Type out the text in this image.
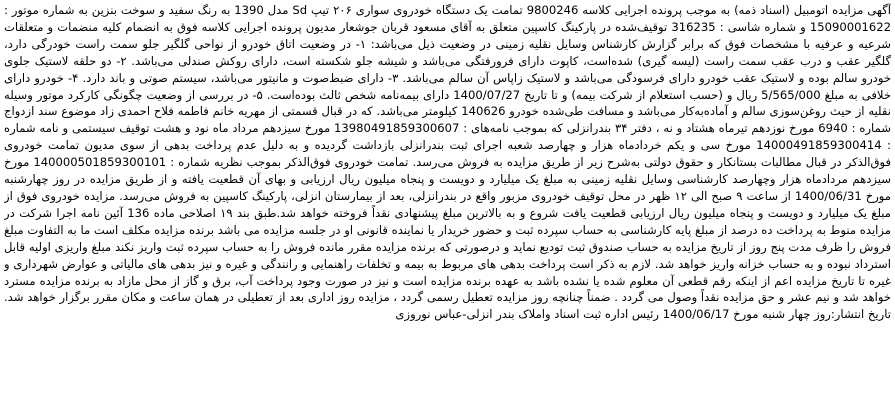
آگهی مزایده اتومبیل (اسناد ذمه) به موجب پرونده اجرایی کلاسه 9800246 تمامت یک دستگاه خودروی سواری ۲۰۶ تیپ Sd مدل 1390 به رنگ سفید و سوخت بنزین به شماره موتور : 15090001622 و شماره شاسی : 316235 توقیف‌شده در پارکینگ کاسپین متعلق به آقای مسعود قربان جوشعار مدیون پرونده اجرایی کلاسه فوق به انضمام کلیه منضمات و متعلقات شرعیه و عرفیه با مشخصات فوق که برابر گزارش کارشناس وسایل نقلیه زمینی در وضعیت ذیل می‌باشد: ۱- در وضعیت اتاق خودرو از نواحی گلگیر جلو سمت راست خودرگی دارد، گلگیر عقب و درب عقب سمت راست (لیسه گیری) شده‌است، کاپوت دارای فرورفتگی می‌باشد و شیشه جلو شکسته است، دارای روکش صندلی می‌باشد. ۲- دو حلقه لاستیک جلوی خودرو سالم بوده و لاستیک عقب خودرو دارای فرسودگی می‌باشد و لاستیک زاپاس آن سالم می‌باشد. ۳- دارای ضبط‌صوت و مانیتور می‌باشد، سیستم صوتی و باند دارد. ۴- خودرو دارای خلافی به مبلغ 5/565/000 ریال و (حسب استعلام از شرکت بیمه) و تا تاریخ 1400/07/27 دارای بیمه‌نامه شخص ثالث بوده‌است. ۵- در بررسی از وضعیت چگونگی کارکرد موتور وسیله نقلیه از حیث روغن‌سوزی سالم و آماده‌به‌کار می‌باشد و مسافت طی‌شده خودرو 140626 کیلومتر می‌باشد. که در قبال قسمتی از مهریه خانم فاطمه فلاح احمدی زاد موضوع سند ازدواج شماره : 6940 مورخ نوزدهم تیرماه هشتاد و نه ، دفتر ۳۴ بندرانزلی که بموجب نامه‌های : 13980491859300607 مورخ سیزدهم مرداد ماه نود و هشت توقیف سیستمی و نامه شماره : 14000491859300414 مورخ سی و یکم خردادماه هزار و چهارصد شعبه اجرای ثبت بندرانزلی بازداشت گردیده و به دلیل عدم پرداخت بدهی از سوی مدیون تمامت خودروی فوق‌الذکر در قبال مطالبات بستانکار و حقوق دولتی به‌شرح زیر از طریق مزایده به فروش می‌رسد. تمامت خودروی فوق‌الذکر بموجب نظریه شماره : 140000501859300101 مورخ سیزدهم مردادماه هزار وچهارصد کارشناسی وسایل نقلیه زمینی به مبلغ یک میلیارد و دویست و پنجاه میلیون ریال ارزیابی و بهای آن قطعیت یافته و از طریق مزایده در روز چهارشنبه مورخ 1400/06/31 از ساعت ۹ صبح الی ۱۲ ظهر در محل توقیف خودروی مزبور واقع در بندرانزلی، بعد از بیمارستان انزلی، پارکینگ کاسپین به فروش می‌رسد. مزایده خودروی فوق از مبلغ یک میلیارد و دویست و پنجاه میلیون ریال ارزیابی قطعیت یافت شروع و به بالاترین مبلغ پیشنهادی نقداً فروخته خواهد شد.طبق بند ۱۹ اصلاحی ماده 136 آئین نامه اجرا شرکت در مزایده منوط به پرداخت ده درصد از مبلغ پایه کارشناسی به حساب سپرده ثبت و حضور خریدار یا نماینده قانونی او در جلسه مزایده می باشد برنده مزایده مکلف است ما به التفاوت مبلغ فروش را ظرف مدت پنج روز از تاریخ مزایده به حساب صندوق ثبت تودیع نماید و درصورتی که برنده مزایده مقرر مانده فروش را به حساب سپرده ثبت واریز نکند مبلغ واریزی اولیه قابل استرداد نبوده و به حساب خزانه واریز خواهد شد. لازم به ذکر است پرداخت بدهی های مربوط به بیمه و تخلفات راهنمایی و رانندگی و غیره و نیز بدهی های مالیاتی و عوارض شهرداری و غیره تا تاریخ مزایده اعم از اینکه رقم قطعی آن معلوم شده یا نشده باشد به عهده برنده مزایده است و نیز در صورت وجود پرداخت آب، برق و گاز از محل مازاد به برنده مزایده مسترد خواهد شد و نیم عشر و حق مزایده نقداً وصول می گردد . ضمناً چنانچه روز مزایده تعطیل رسمی گردد ، مزایده روز اداری بعد از تعطیلی در همان ساعت و مکان مقرر برگزار خواهد شد. تاریخ انتشار:روز چهار شنبه مورخ 1400/06/17 رئیس اداره ثبت اسناد واملاک بندر انزلی-عباس نوروزی
